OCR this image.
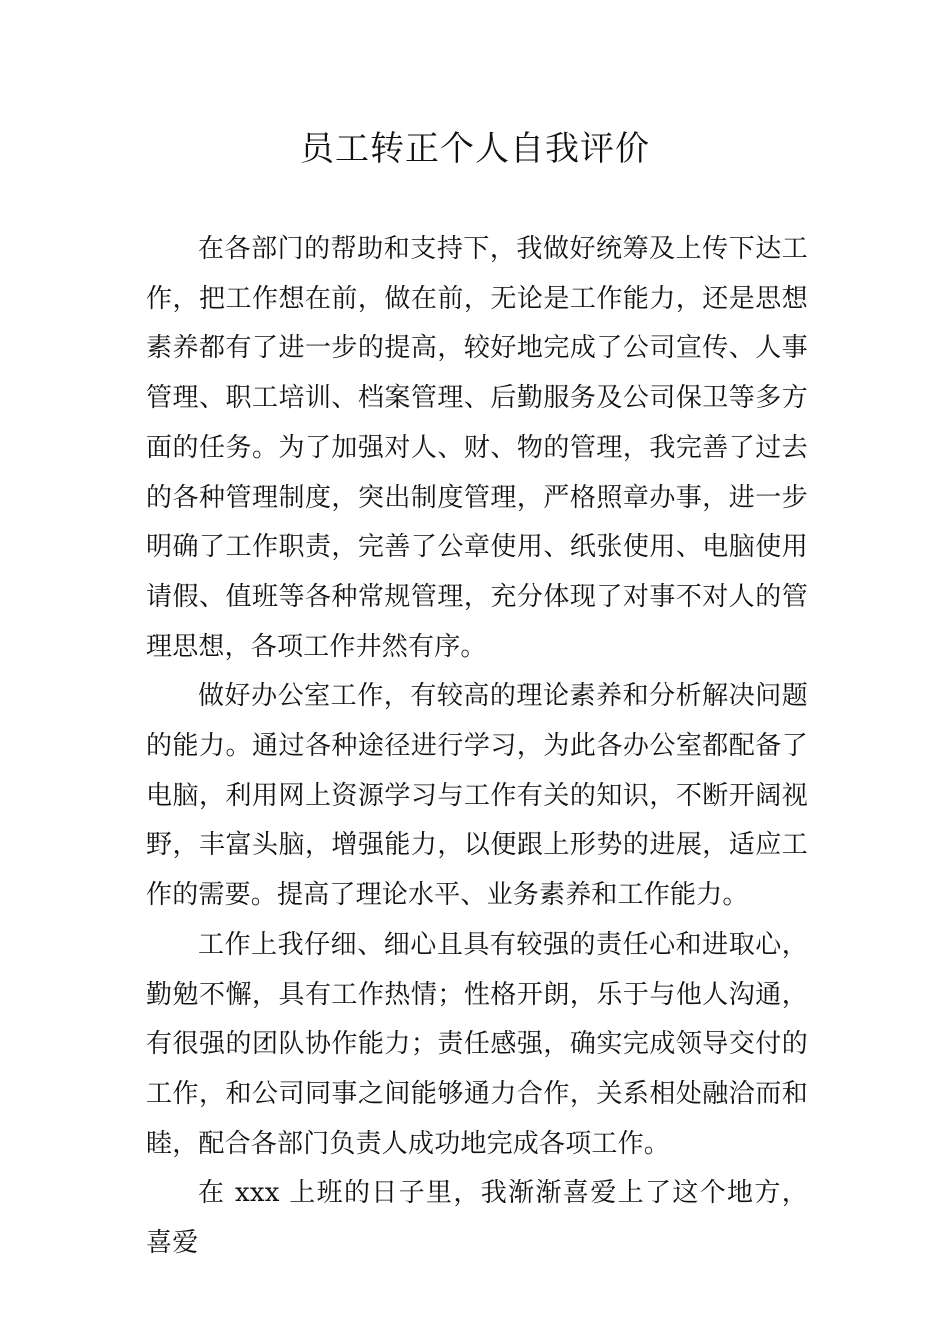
员工转正个人自我评价

在各部门的帮助和支持下，我做好统筹及上传下达工作，把工作想在前，做在前，无论是工作能力，还是思想素养都有了进一步的提高，较好地完成了公司宣传、人事管理、职工培训、档案管理、后勤服务及公司保卫等多方面的任务。为了加强对人、财、物的管理，我完善了过去的各种管理制度，突出制度管理，严格照章办事，进一步明确了工作职责，完善了公章使用、纸张使用、电脑使用请假、值班等各种常规管理，充分体现了对事不对人的管理思想，各项工作井然有序。

做好办公室工作，有较高的理论素养和分析解决问题的能力。通过各种途径进行学习，为此各办公室都配备了电脑，利用网上资源学习与工作有关的知识，不断开阔视野，丰富头脑，增强能力，以便跟上形势的进展，适应工作的需要。提高了理论水平、业务素养和工作能力。

工作上我仔细、细心且具有较强的责任心和进取心，勤勉不懈，具有工作热情；性格开朗，乐于与他人沟通，有很强的团队协作能力；责任感强，确实完成领导交付的工作，和公司同事之间能够通力合作，关系相处融洽而和睦，配合各部门负责人成功地完成各项工作。

在 xxx 上班的日子里，我渐渐喜爱上了这个地方，喜爱
